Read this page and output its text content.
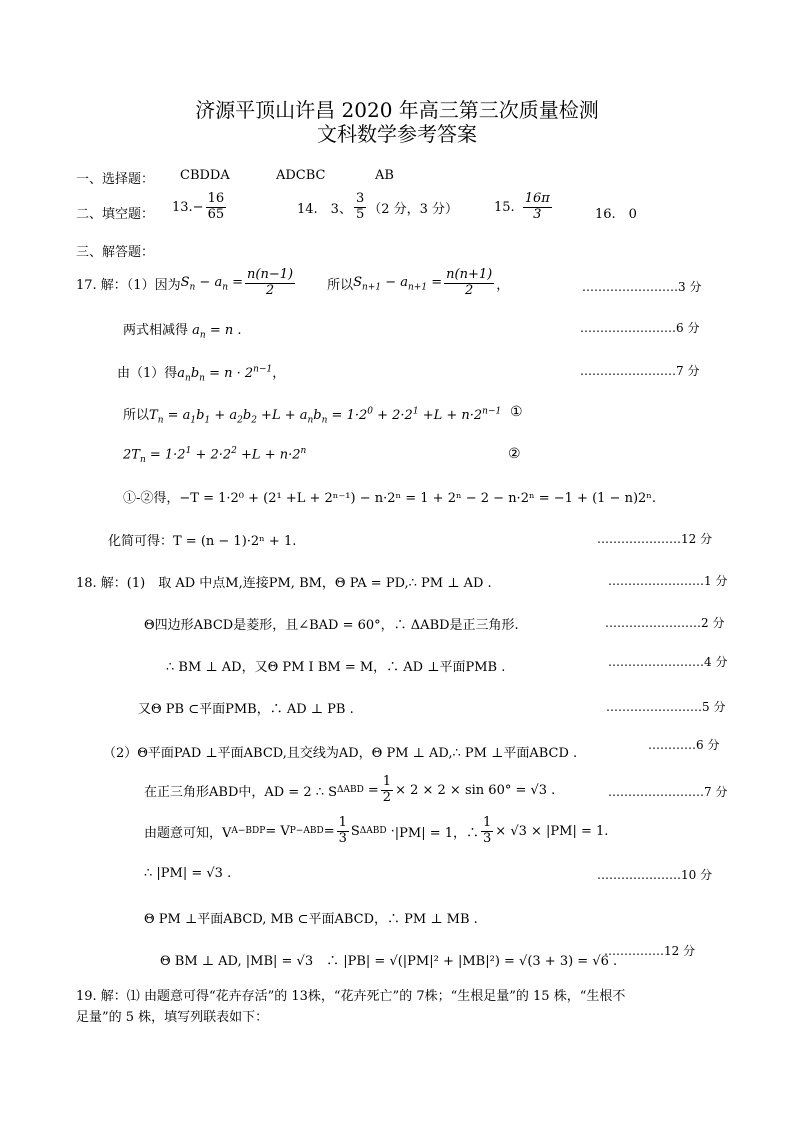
济源平顶山许昌 2020 年高三第三次质量检测
文科数学参考答案
一、选择题： CBDDA	ADCBC	AB
二、填空题： $13.- \frac{16}{65}$	14.　3、 $\frac{3}{5} (2$ 分，3 分）	15. $\frac{16\pi}{3}$	16.　0
三、解答题：
17. 解：（1）因为 $S_n - a_n = \frac{n(n-1)}{2}$ 所以 $S_{n+1} - a_{n+1} = \frac{n(n+1)}{2}$ ，	……………………3 分
两式相减得 $a_n = n$ .	……………………6 分
由（1）得$a_nb_n = n \cdot 2^{n-1}$，	……………………7 分
所以$T_n = a_1b_1 + a_2b_2 +L + a_nb_n = 1\cdot 2^0 + 2\cdot 2^1 +L + n\cdot 2^{n-1}$ ①
$2T_n = 1\cdot 2^1 + 2\cdot 2^2 +L + n\cdot 2^n$	②
①-②得，−T = 1·2⁰ + (2¹ +L + 2ⁿ⁻¹) − n·2ⁿ = 1 + 2ⁿ − 2 − n·2ⁿ = −1 + (1 − n)2ⁿ.
化简可得：T = (n − 1)·2ⁿ + 1.	…………………12 分
18. 解：(1)　取 AD 中点M,连接PM, BM，Θ PA = PD,∴ PM ⊥ AD .	……………………1 分
Θ四边形ABCD是菱形，且∠BAD = 60°，∴ ΔABD是正三角形.	……………………2 分
∴ BM ⊥ AD，又Θ PM I BM = M，∴ AD ⊥平面PMB .	……………………4 分
又Θ PB ⊂平面PMB，∴ AD ⊥ PB .	……………………5 分
（2）Θ平面PAD ⊥平面ABCD,且交线为AD，Θ PM ⊥ AD,∴ PM ⊥平面ABCD .
…………6 分
在正三角形ABD中，AD = 2 ∴ S $\Delta ABD = \frac{1}{2} \times 2 \times 2 \times \sin 60^\circ = √3$ .	……………………7 分
由题意可知，V A−BDP = V $P-ABD = \frac{1}{3}$ S ΔABD · |PM| = 1，∴ $\frac{1}{3} \times √3 \times |PM| = 1$.
∴ |PM| = √3 .	…………………10 分
Θ PM ⊥平面ABCD, MB ⊂平面ABCD，∴ PM ⊥ MB .
Θ BM ⊥ AD, |MB| = √3　∴ |PB| = √(|PM|² + |MB|²) = √(3 + 3) = √6 .
……………12 分
19. 解：⑴ 由题意可得“花卉存活”的 13株，“花卉死亡”的 7株；“生根足量”的 15 株，“生根不
足量”的 5 株，填写列联表如下：
